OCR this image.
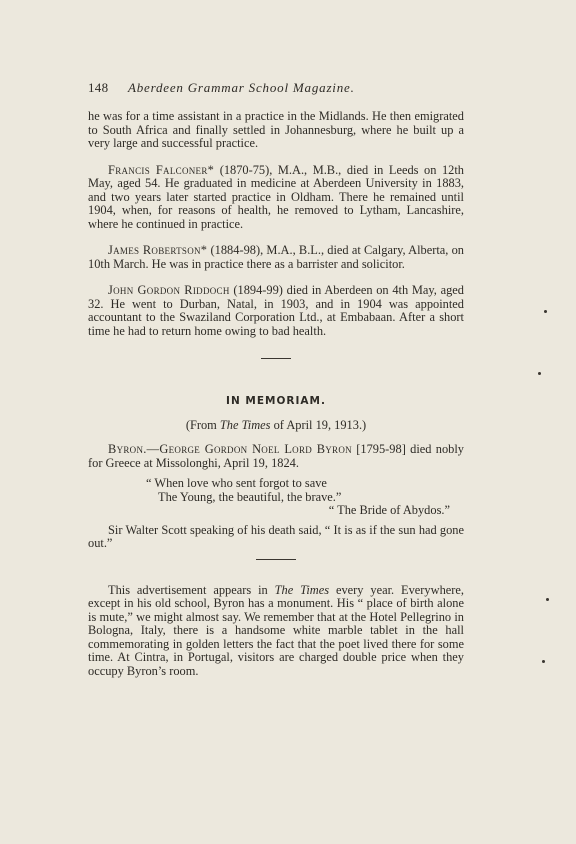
148 Aberdeen Grammar School Magazine.

he was for a time assistant in a practice in the Midlands. He then emigrated to South Africa and finally settled in Johannesburg, where he built up a very large and successful practice.

Francis Falconer* (1870-75), M.A., M.B., died in Leeds on 12th May, aged 54. He graduated in medicine at Aberdeen University in 1883, and two years later started practice in Oldham. There he remained until 1904, when, for reasons of health, he removed to Lytham, Lancashire, where he continued in practice.

James Robertson* (1884-98), M.A., B.L., died at Calgary, Alberta, on 10th March. He was in practice there as a barrister and solicitor.

John Gordon Riddoch (1894-99) died in Aberdeen on 4th May, aged 32. He went to Durban, Natal, in 1903, and in 1904 was appointed accountant to the Swaziland Corporation Ltd., at Embabaan. After a short time he had to return home owing to bad health.

IN MEMORIAM.
(From The Times of April 19, 1913.)

Byron.—George Gordon Noel Lord Byron [1795-98] died nobly for Greece at Missolonghi, April 19, 1824.

“ When love who sent forgot to save
The Young, the beautiful, the brave.”
“ The Bride of Abydos.”

Sir Walter Scott speaking of his death said, “ It is as if the sun had gone out.”

This advertisement appears in The Times every year. Everywhere, except in his old school, Byron has a monument. His “ place of birth alone is mute,” we might almost say. We remember that at the Hotel Pellegrino in Bologna, Italy, there is a handsome white marble tablet in the hall commemorating in golden letters the fact that the poet lived there for some time. At Cintra, in Portugal, visitors are charged double price when they occupy Byron’s room.
